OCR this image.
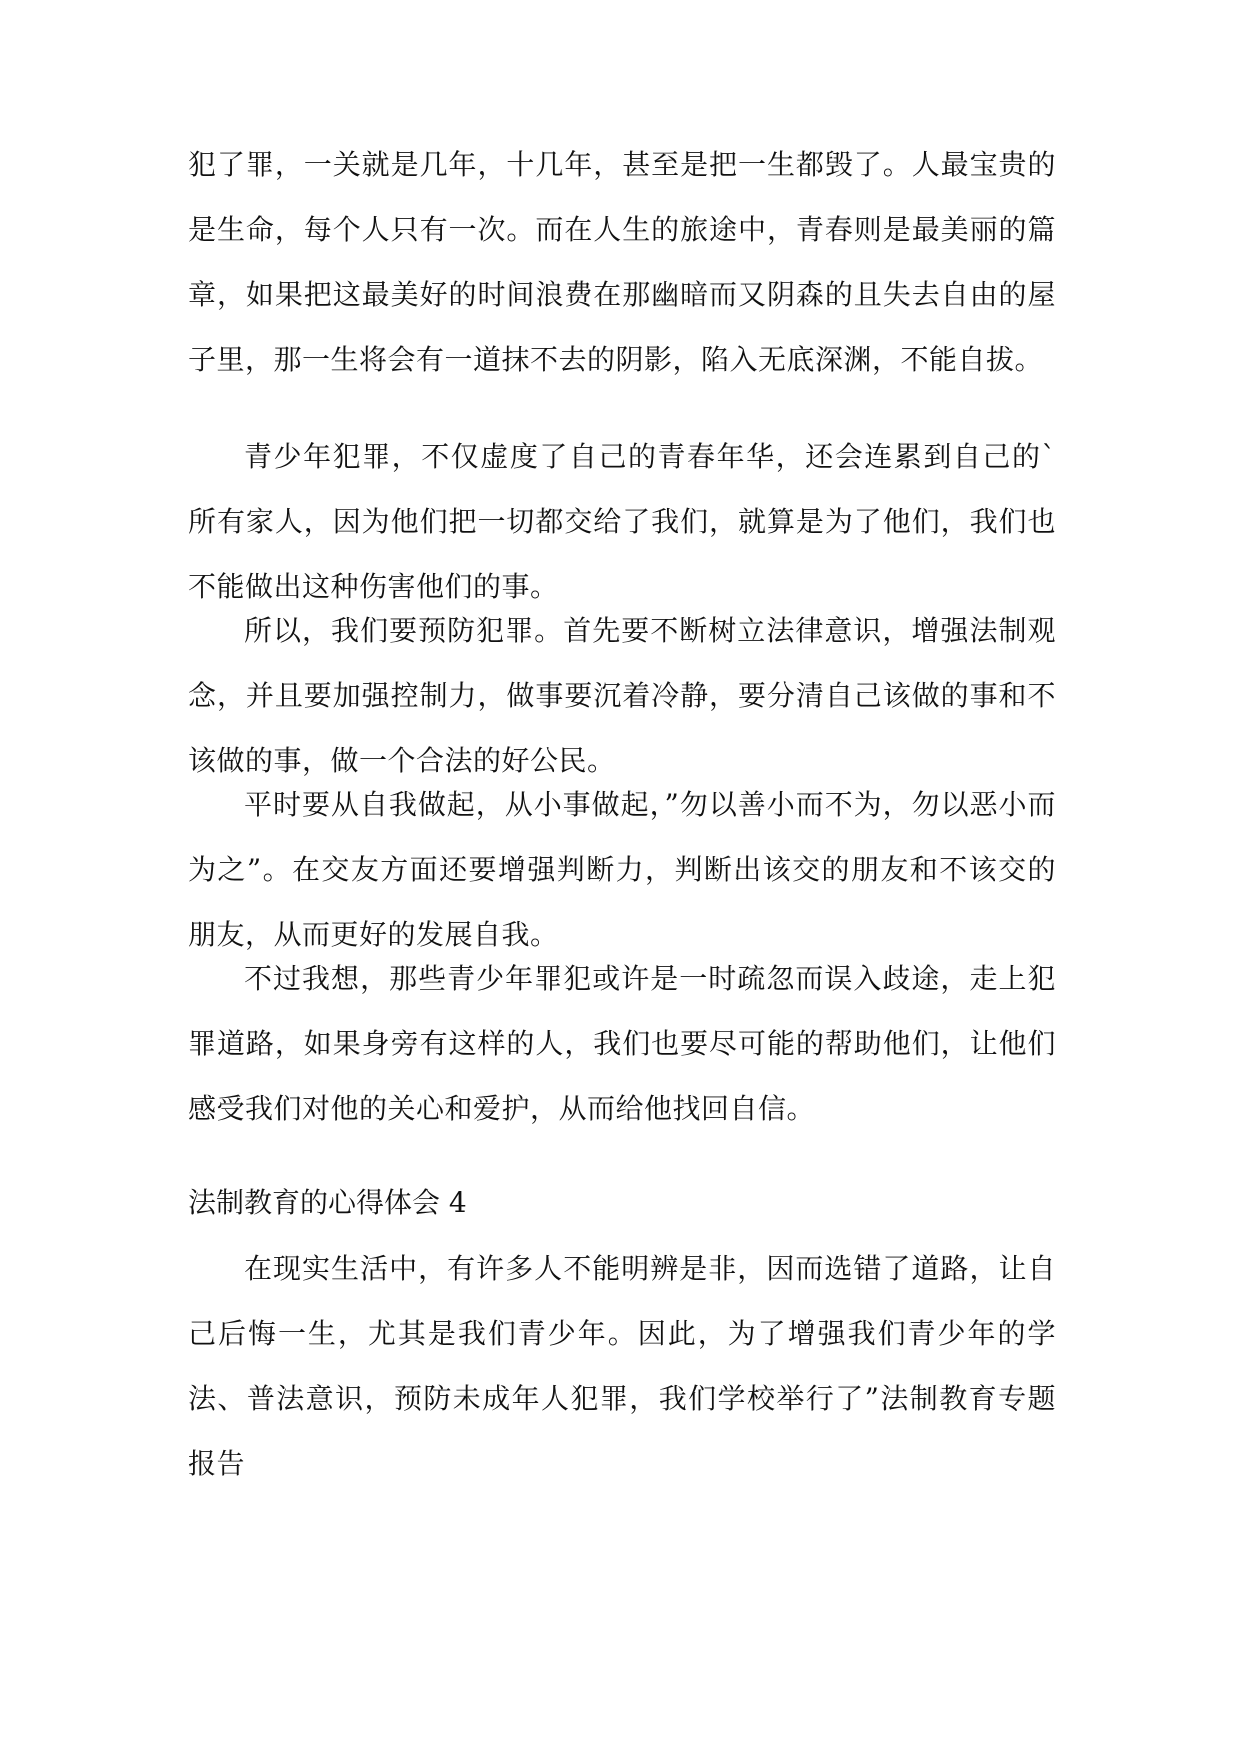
犯了罪，一关就是几年，十几年，甚至是把一生都毁了。人最宝贵的是生命，每个人只有一次。而在人生的旅途中，青春则是最美丽的篇章，如果把这最美好的时间浪费在那幽暗而又阴森的且失去自由的屋子里，那一生将会有一道抹不去的阴影，陷入无底深渊，不能自拔。

青少年犯罪，不仅虚度了自己的青春年华，还会连累到自己的`所有家人，因为他们把一切都交给了我们，就算是为了他们，我们也不能做出这种伤害他们的事。

所以，我们要预防犯罪。首先要不断树立法律意识，增强法制观念，并且要加强控制力，做事要沉着冷静，要分清自己该做的事和不该做的事，做一个合法的好公民。

平时要从自我做起，从小事做起，”勿以善小而不为，勿以恶小而为之”。在交友方面还要增强判断力，判断出该交的朋友和不该交的朋友，从而更好的发展自我。

不过我想，那些青少年罪犯或许是一时疏忽而误入歧途，走上犯罪道路，如果身旁有这样的人，我们也要尽可能的帮助他们，让他们感受我们对他的关心和爱护，从而给他找回自信。

法制教育的心得体会 4

在现实生活中，有许多人不能明辨是非，因而选错了道路，让自己后悔一生，尤其是我们青少年。因此，为了增强我们青少年的学法、普法意识，预防未成年人犯罪，我们学校举行了”法制教育专题报告
